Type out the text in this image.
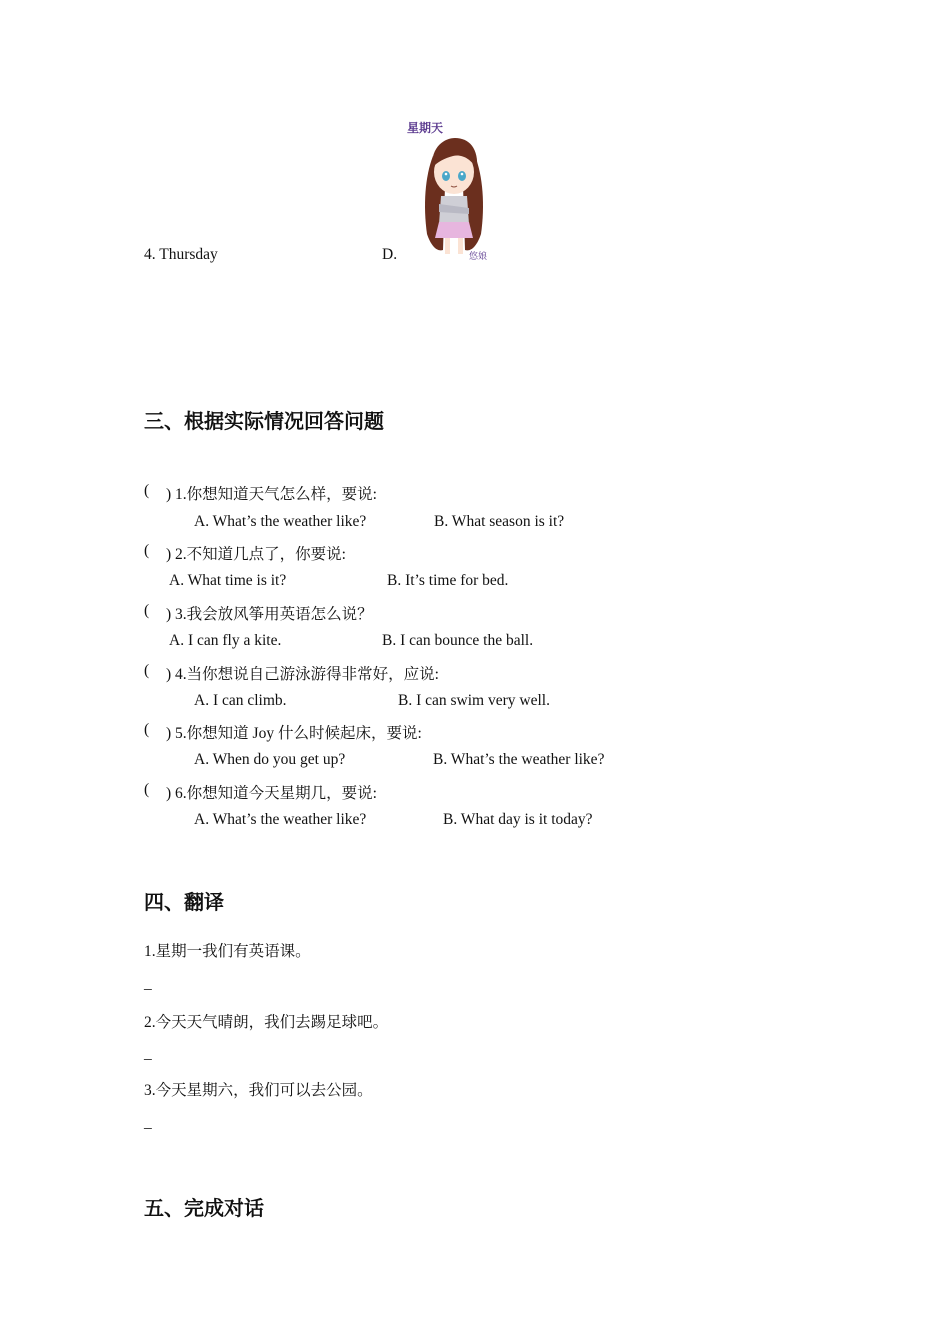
4. Thursday	D.
星期天
悠娘
三、根据实际情况回答问题
( ) 1.你想知道天气怎么样，要说:
A. What’s the weather like?	B. What season is it?
( ) 2.不知道几点了，你要说:
A. What time is it?	B. It’s time for bed.
( ) 3.我会放风筝用英语怎么说？
A. I can fly a kite.	B. I can bounce the ball.
( ) 4.当你想说自己游泳游得非常好，应说:
A. I can climb.	B. I can swim very well.
( ) 5.你想知道 Joy 什么时候起床，要说:
A. When do you get up?	B. What’s the weather like?
( ) 6.你想知道今天星期几，要说:
A. What’s the weather like?	B. What day is it today?
四、翻译
1.星期一我们有英语课。
_
2.今天天气晴朗，我们去踢足球吧。
_
3.今天星期六，我们可以去公园。
_
五、完成对话
